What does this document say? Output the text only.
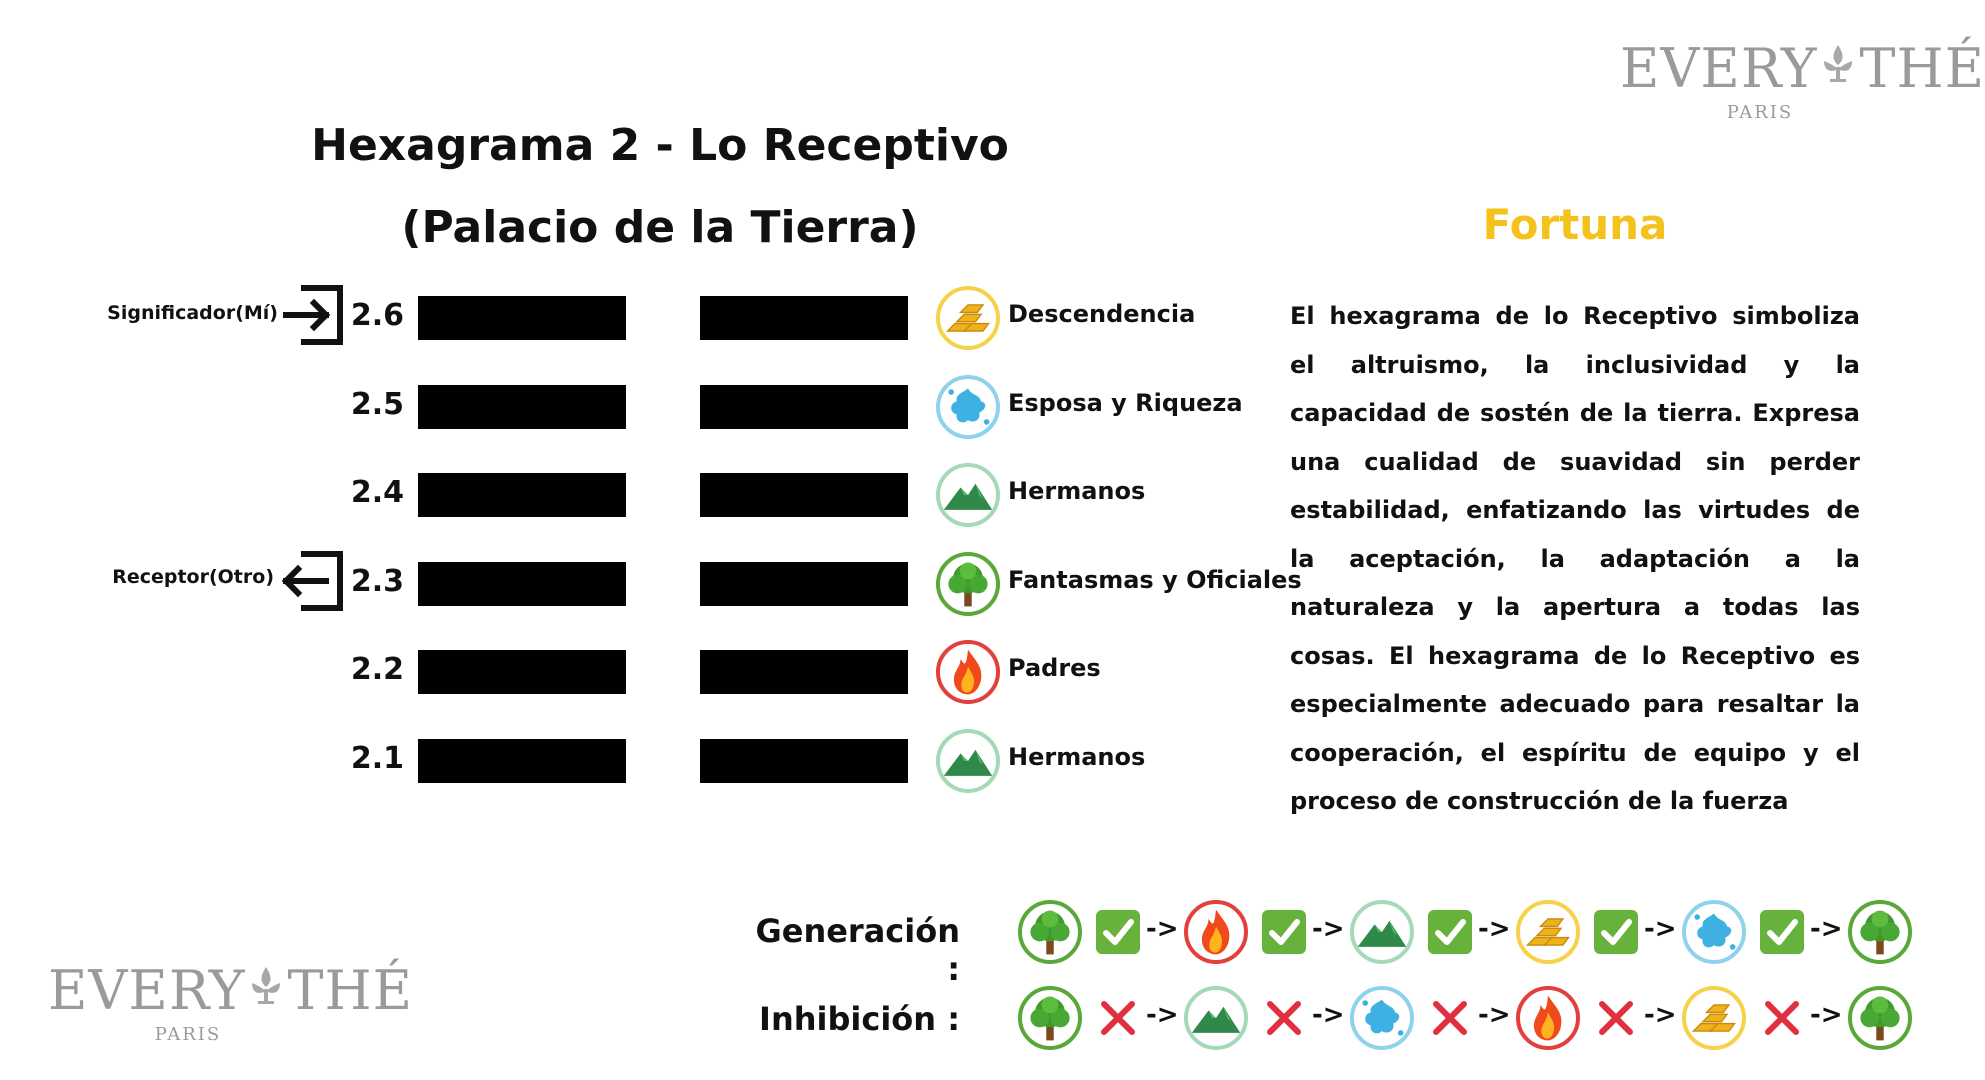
EVERY THÉ
PARIS
EVERY THÉ
PARIS
Hexagrama 2 - Lo Receptivo
(Palacio de la Tierra)
2.6	Descendencia
2.5	Esposa y Riqueza
2.4	Hermanos
2.3	Fantasmas y Oficiales
2.2	Padres
2.1	Hermanos
Significador(Mí)
Receptor(Otro)
Fortuna
El hexagrama de lo Receptivo simboliza el altruismo, la inclusividad y la capacidad de sostén de la tierra. Expresa una cualidad de suavidad sin perder estabilidad, enfatizando las virtudes de la aceptación, la adaptación a la naturaleza y la apertura a todas las cosas. El hexagrama de lo Receptivo es especialmente adecuado para resaltar la cooperación, el espíritu de equipo y el proceso de construcción de la fuerza
Generación :
Inhibición :
->	->	->	->	->
->	->	->	->	->
